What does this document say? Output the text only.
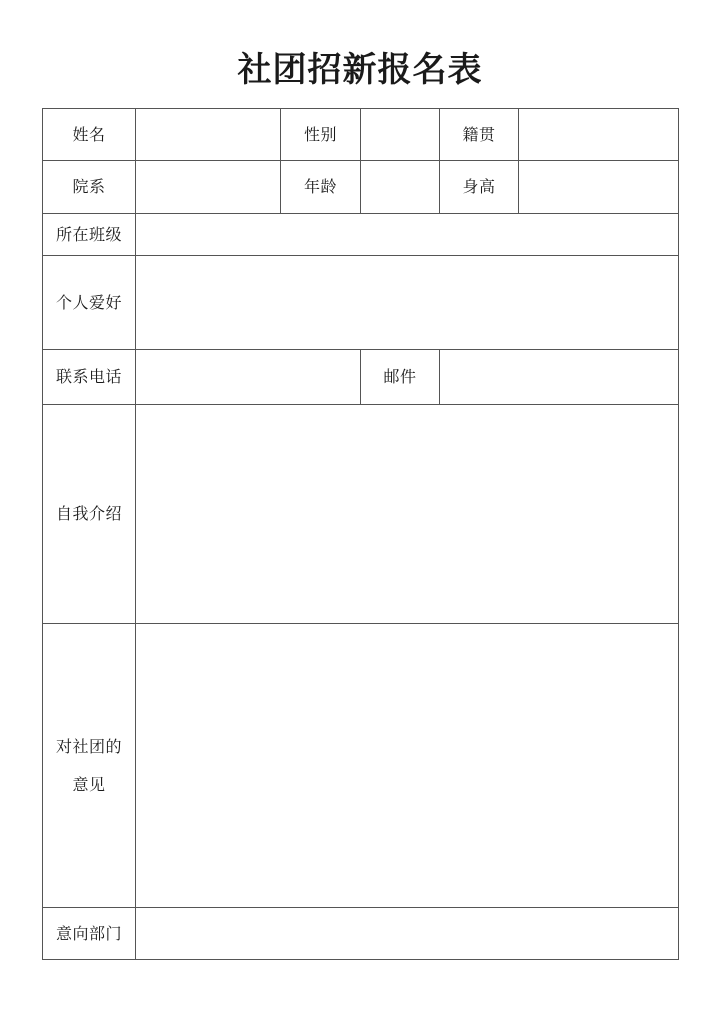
社团招新报名表
姓名		性别		籍贯	
院系		年龄		身高	
所在班级					
个人爱好					
联系电话			邮件		
自我介绍					

对社团的
意见					

意向部门					
